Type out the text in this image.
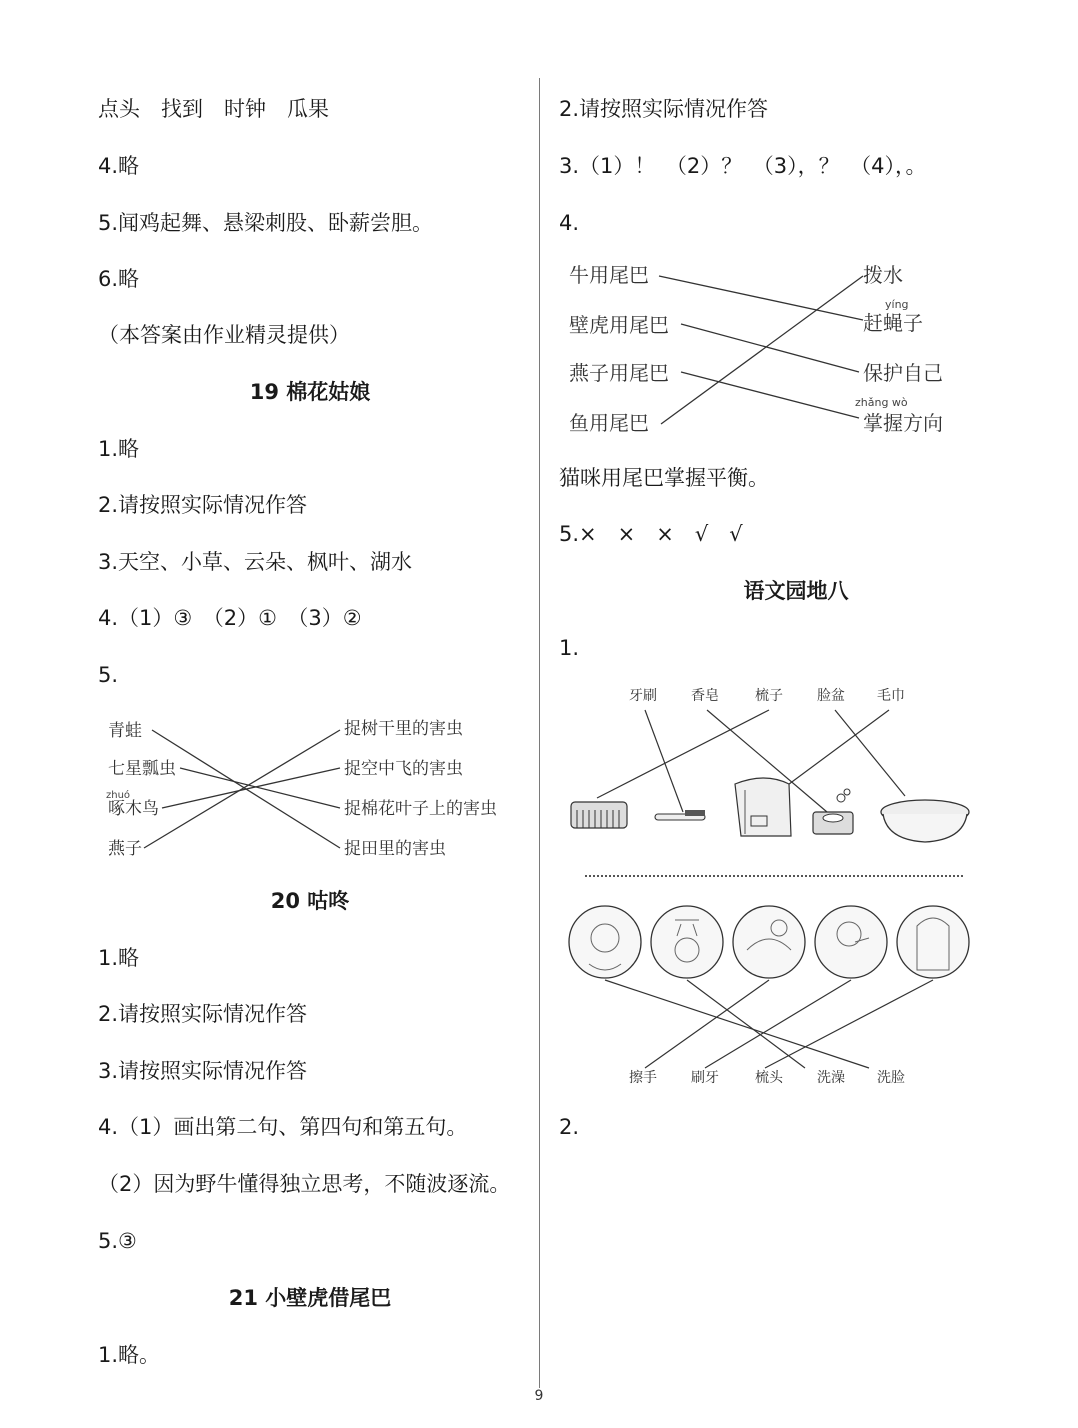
点头　找到　时钟　瓜果
4.略
5.闻鸡起舞、悬梁刺股、卧薪尝胆。
6.略
（本答案由作业精灵提供）
19 棉花姑娘
1.略
2.请按照实际情况作答
3.天空、小草、云朵、枫叶、湖水
4.（1）③　（2）①　（3）②
5.
青蛙
七星瓢虫
zhuó
啄木鸟
燕子
捉树干里的害虫
捉空中飞的害虫
捉棉花叶子上的害虫
捉田里的害虫
20 咕咚
1.略
2.请按照实际情况作答
3.请按照实际情况作答
4.（1）画出第二句、第四句和第五句。
（2）因为野牛懂得独立思考，不随波逐流。
5.③
21 小壁虎借尾巴
1.略。
2.请按照实际情况作答
3.（1）！　（2）？　（3），？　（4），。
4.
牛用尾巴
壁虎用尾巴
燕子用尾巴
鱼用尾巴
拨水
yíng
赶蝇子
保护自己
zhǎng wò
掌握方向
猫咪用尾巴掌握平衡。
5.×　×　×　√　√
语文园地八
1.
牙刷 香皂	梳子 脸盆 毛巾
擦手 刷牙	梳头 洗澡 洗脸
2.
9
